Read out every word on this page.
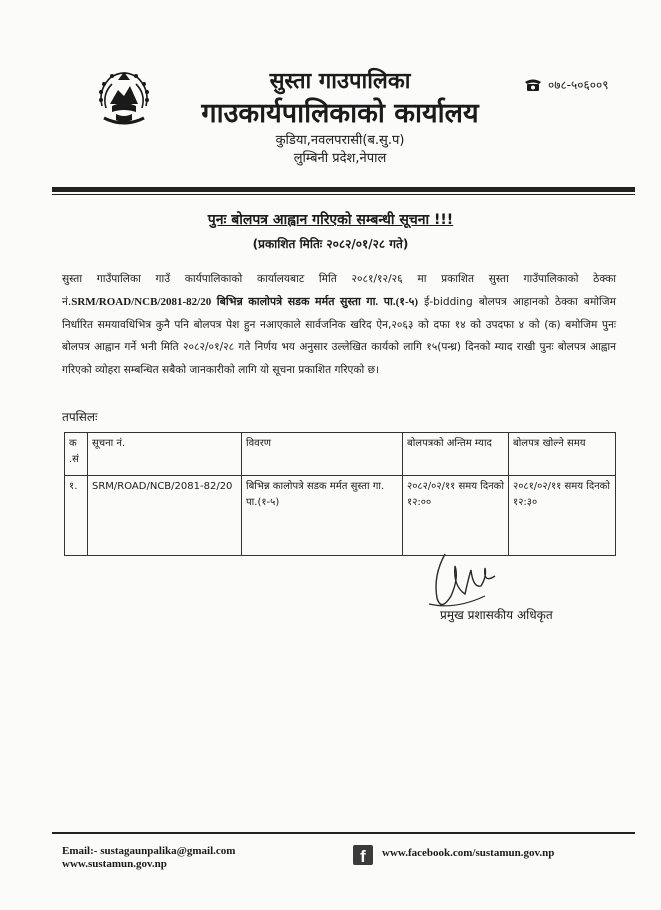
सुस्ता गाउपालिका
गाउकार्यपालिकाको कार्यालय
कुडिया,नवलपरासी(ब.सु.प)
लुम्बिनी प्रदेश,नेपाल
०७८-५०६००९
पुनः बोलपत्र आह्वान गरिएको सम्बन्धी सूचना !!!
(प्रकाशित मितिः २०८२/०१/२८ गते)
सुस्ता गाउँपालिका गाउँ कार्यपालिकाको कार्यालयबाट मिति २०८१/१२/२६ मा प्रकाशित सुस्ता गाउँपालिकाको ठेक्का नं.SRM/ROAD/NCB/2081-82/20 बिभिन्न कालोपत्रे सडक मर्मत सुस्ता गा. पा.(१-५) ई-bidding बोलपत्र आहानको ठेक्का बमोजिम निर्धारित समयावधिभित्र कुनै पनि बोलपत्र पेश हुन नआएकाले सार्वजनिक खरिद ऐन,२०६३ को दफा १४ को उपदफा ४ को (क) बमोजिम पुनः बोलपत्र आह्वान गर्ने भनी मिति २०८२/०१/२८ गते निर्णय भय अनुसार उल्लेखित कार्यको लागि १५(पन्ध्र) दिनको म्याद राखी पुनः बोलपत्र आह्वान गरिएको व्योहरा सम्बन्धित सबैको जानकारीको लागि यो सूचना प्रकाशित गरिएको छ।
तपसिलः
क .सं	सूचना नं.	विवरण	बोलपत्रको अन्तिम म्याद	बोलपत्र खोल्ने समय
१.	SRM/ROAD/NCB/2081-82/20	बिभिन्न कालोपत्रे सडक मर्मत सुस्ता गा. पा.(१-५)	२०८२/०२/११ समय दिनको १२:००	२०८१/०२/११ समय दिनको १२:३०
प्रमुख प्रशासकीय अधिकृत
Email:- sustagaunpalika@gmail.com
www.sustamun.gov.np	f	www.facebook.com/sustamun.gov.np
